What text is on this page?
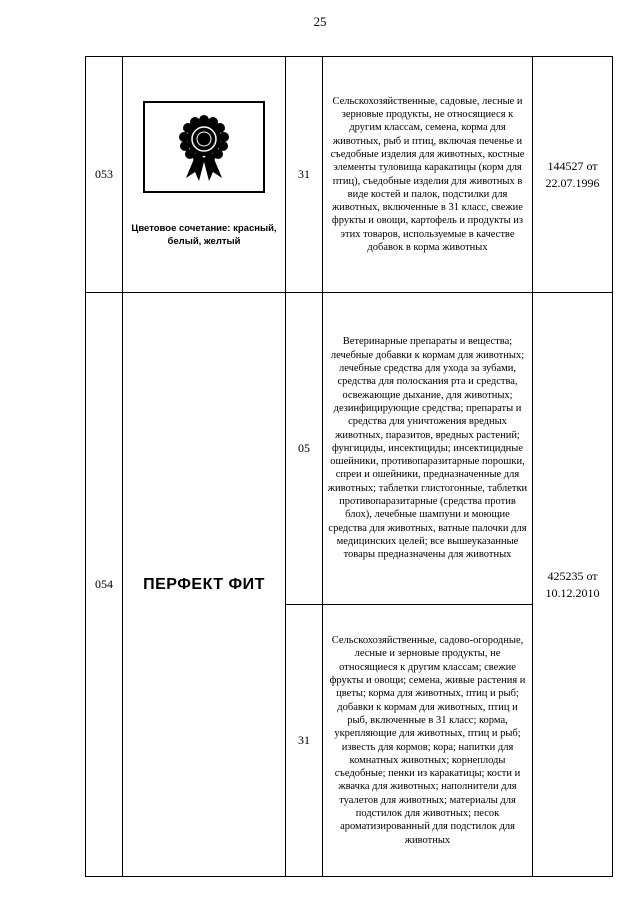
25
053	Цветовое сочетание: красный, белый, желтый	31	Сельскохозяйственные, садовые, лесные и зерновые продукты, не относящиеся к другим классам, семена, корма для животных, рыб и птиц, включая печенье и съедобные изделия для животных, костные элементы туловища каракатицы (корм для птиц), съедобные изделия для животных в виде костей и палок, подстилки для животных, включенные в 31 класс, свежие фрукты и овощи, картофель и продукты из этих товаров, используемые в качестве добавок в корма животных	144527 от 22.07.1996
054	ПЕРФЕКТ ФИТ	05	Ветеринарные препараты и вещества; лечебные добавки к кормам для животных; лечебные средства для ухода за зубами, средства для полоскания рта и средства, освежающие дыхание, для животных; дезинфицирующие средства; препараты и средства для уничтожения вредных животных, паразитов, вредных растений; фунгициды, инсектициды; инсектицидные ошейники, противопаразитарные порошки, спреи и ошейники, предназначенные для животных; таблетки глистогонные, таблетки противопаразитарные (средства против блох), лечебные шампуни и моющие средства для животных, ватные палочки для медицинских целей; все вышеуказанные товары предназначены для животных	425235 от 10.12.2010
		31	Сельскохозяйственные, садово-огородные, лесные и зерновые продукты, не относящиеся к другим классам; свежие фрукты и овощи; семена, живые растения и цветы; корма для животных, птиц и рыб; добавки к кормам для животных, птиц и рыб, включенные в 31 класс; корма, укрепляющие для животных, птиц и рыб; известь для кормов; кора; напитки для комнатных животных; корнеплоды съедобные; пенки из каракатицы; кости и жвачка для животных; наполнители для туалетов для животных; материалы для подстилок для животных; песок ароматизированный для подстилок для животных	
